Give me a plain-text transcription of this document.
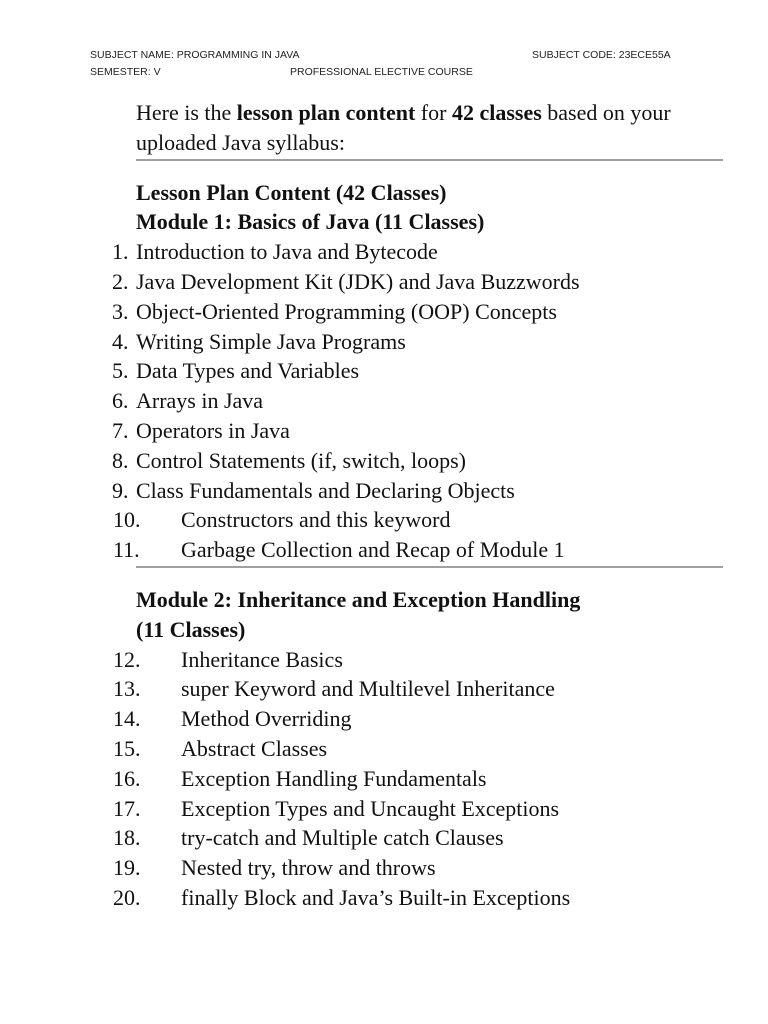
SUBJECT NAME: PROGRAMMING IN JAVA	SUBJECT CODE: 23ECE55A
SEMESTER: V	PROFESSIONAL ELECTIVE COURSE
Here is the lesson plan content for 42 classes based on your uploaded Java syllabus:
Lesson Plan Content (42 Classes)
Module 1: Basics of Java (11 Classes)
1. Introduction to Java and Bytecode
2. Java Development Kit (JDK) and Java Buzzwords
3. Object-Oriented Programming (OOP) Concepts
4. Writing Simple Java Programs
5. Data Types and Variables
6. Arrays in Java
7. Operators in Java
8. Control Statements (if, switch, loops)
9. Class Fundamentals and Declaring Objects
10. Constructors and this keyword
11. Garbage Collection and Recap of Module 1
Module 2: Inheritance and Exception Handling
(11 Classes)
12. Inheritance Basics
13. super Keyword and Multilevel Inheritance
14. Method Overriding
15. Abstract Classes
16. Exception Handling Fundamentals
17. Exception Types and Uncaught Exceptions
18. try-catch and Multiple catch Clauses
19. Nested try, throw and throws
20. finally Block and Java’s Built-in Exceptions
